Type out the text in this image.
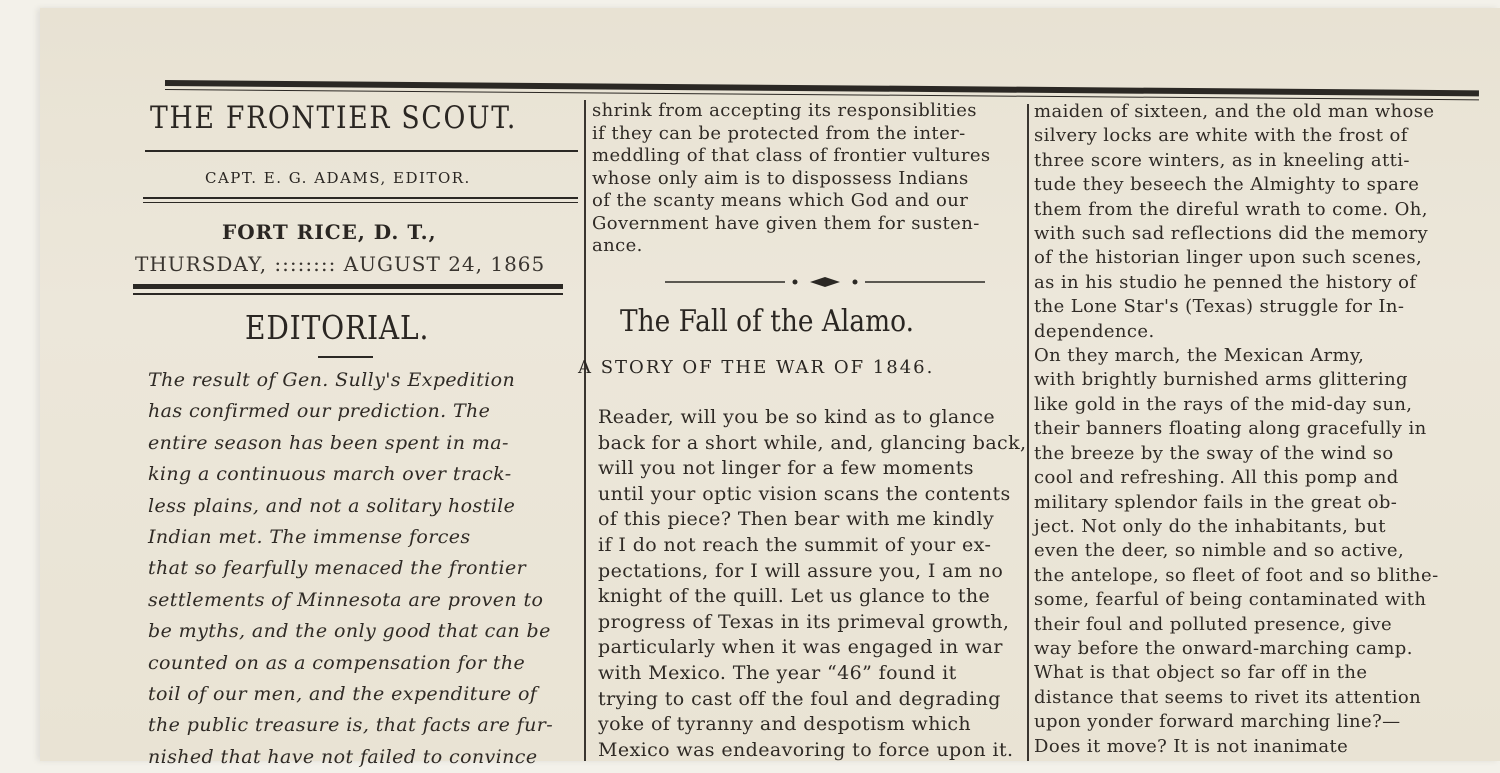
THE FRONTIER SCOUT.
CAPT. E. G. ADAMS, EDITOR.
FORT RICE, D. T.,
THURSDAY, :::::::: AUGUST 24, 1865
EDITORIAL.
The result of Gen. Sully's Expedition
has confirmed our prediction. The
entire season has been spent in ma-
king a continuous march over track-
less plains, and not a solitary hostile
Indian met. The immense forces
that so fearfully menaced the frontier
settlements of Minnesota are proven to
be myths, and the only good that can be
counted on as a compensation for the
toil of our men, and the expenditure of
the public treasure is, that facts are fur-
nished that have not failed to convince
shrink from accepting its responsiblities
if they can be protected from the inter-
meddling of that class of frontier vultures
whose only aim is to dispossess Indians
of the scanty means which God and our
Government have given them for susten-
ance.
The Fall of the Alamo.
A STORY OF THE WAR OF 1846.
Reader, will you be so kind as to glance
back for a short while, and, glancing back,
will you not linger for a few moments
until your optic vision scans the contents
of this piece? Then bear with me kindly
if I do not reach the summit of your ex-
pectations, for I will assure you, I am no
knight of the quill. Let us glance to the
progress of Texas in its primeval growth,
particularly when it was engaged in war
with Mexico. The year “46” found it
trying to cast off the foul and degrading
yoke of tyranny and despotism which
Mexico was endeavoring to force upon it.
maiden of sixteen, and the old man whose
silvery locks are white with the frost of
three score winters, as in kneeling atti-
tude they beseech the Almighty to spare
them from the direful wrath to come. Oh,
with such sad reflections did the memory
of the historian linger upon such scenes,
as in his studio he penned the history of
the Lone Star's (Texas) struggle for In-
dependence.
On they march, the Mexican Army,
with brightly burnished arms glittering
like gold in the rays of the mid-day sun,
their banners floating along gracefully in
the breeze by the sway of the wind so
cool and refreshing. All this pomp and
military splendor fails in the great ob-
ject. Not only do the inhabitants, but
even the deer, so nimble and so active,
the antelope, so fleet of foot and so blithe-
some, fearful of being contaminated with
their foul and polluted presence, give
way before the onward-marching camp.
What is that object so far off in the
distance that seems to rivet its attention
upon yonder forward marching line?—
Does it move? It is not inanimate
